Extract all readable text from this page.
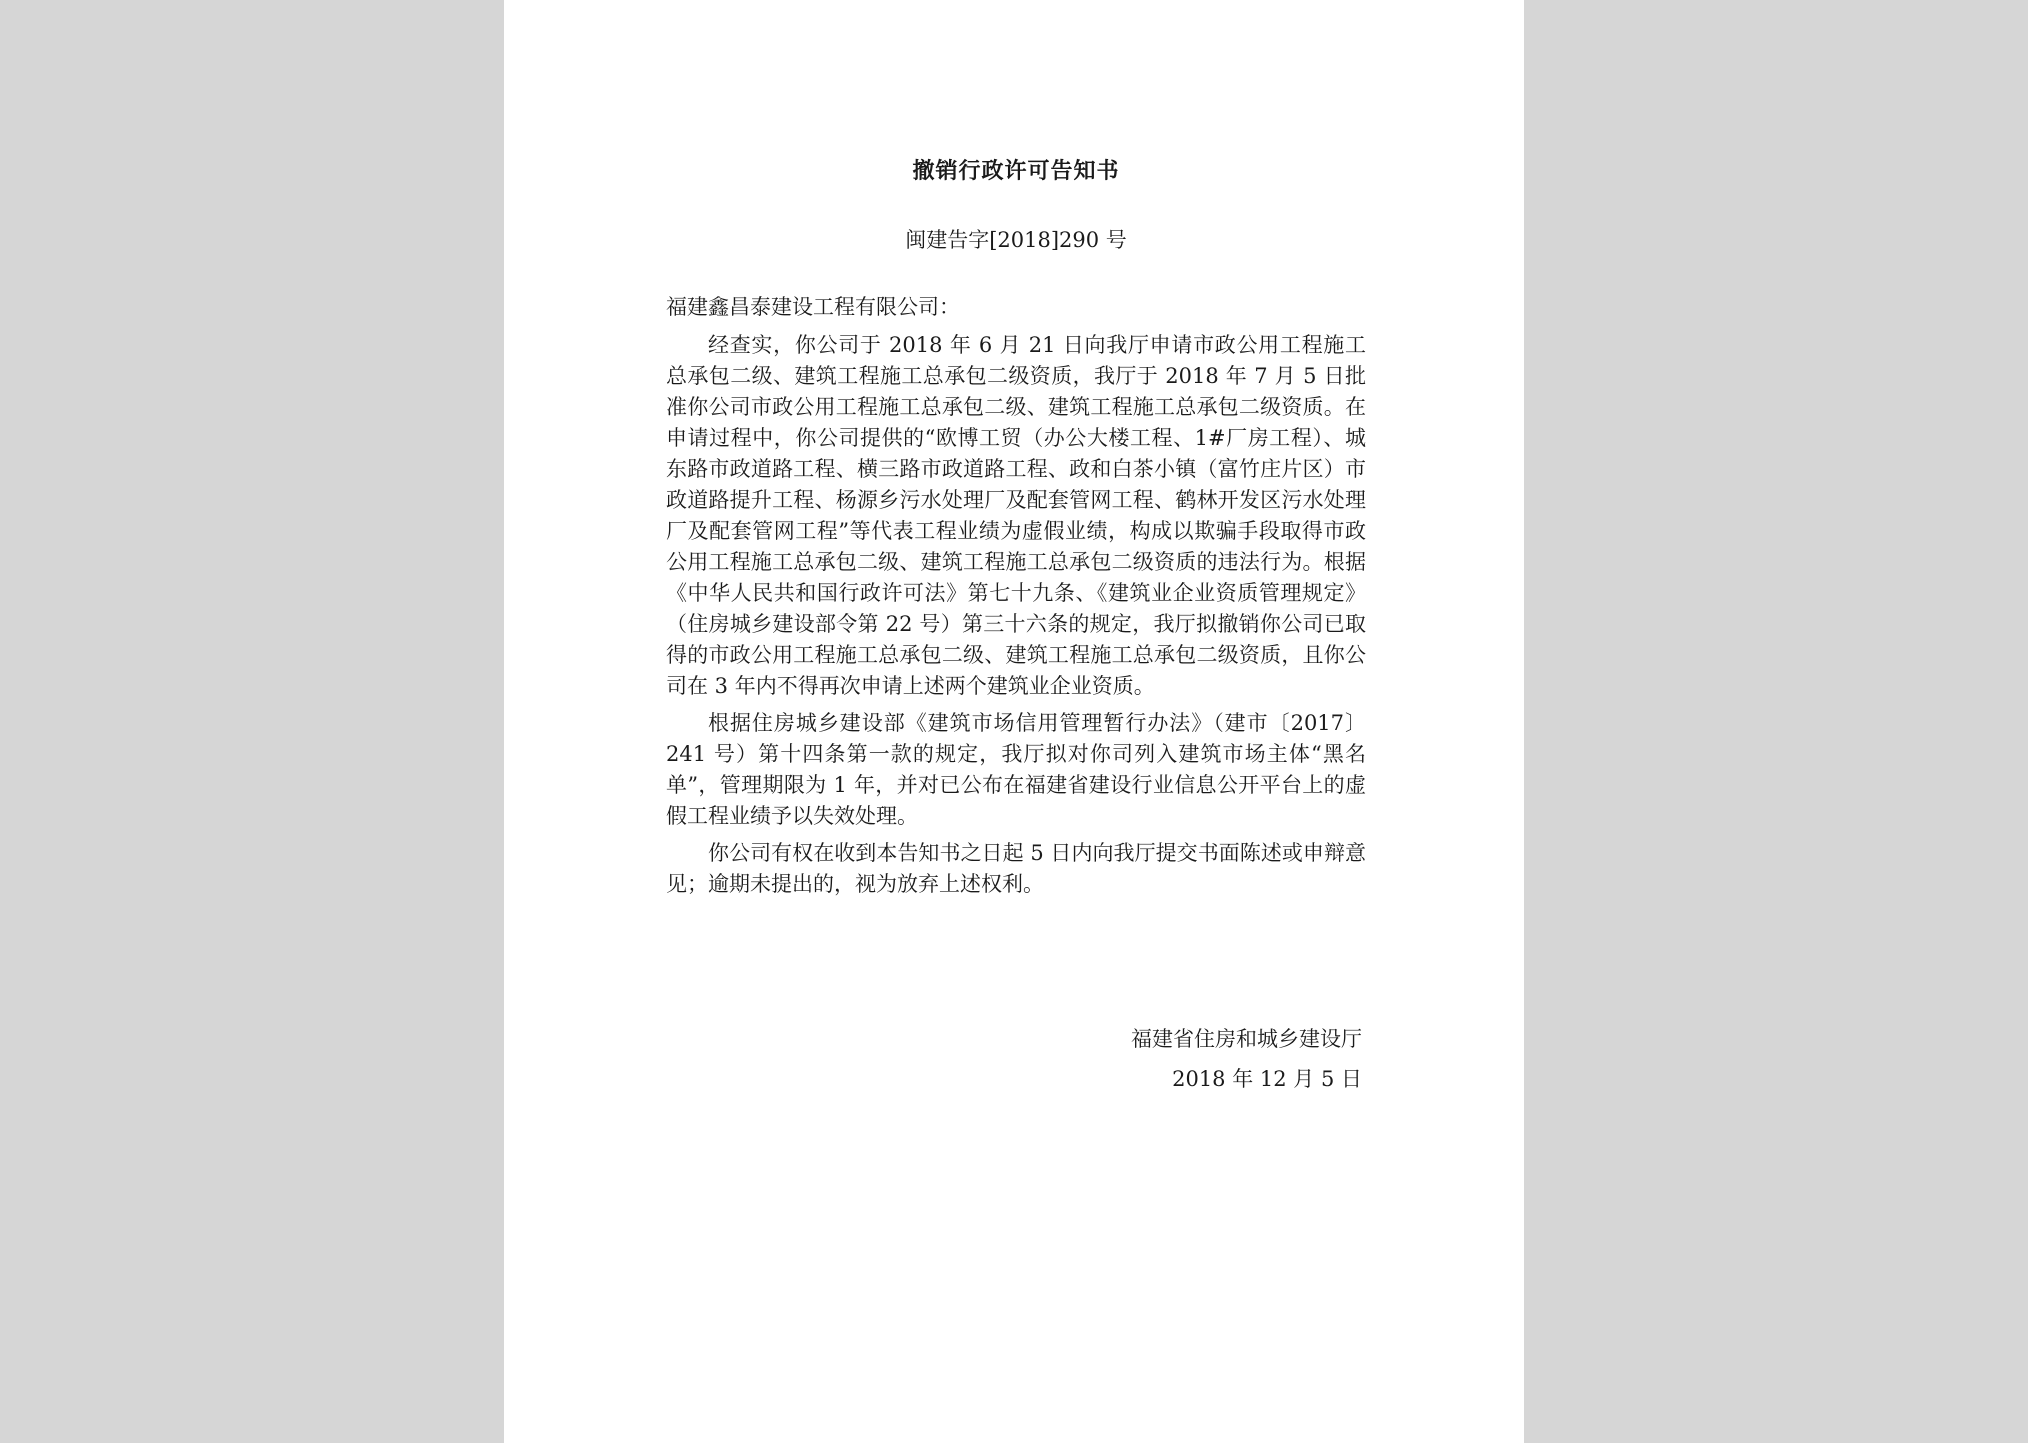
撤销行政许可告知书
闽建告字[2018]290 号
福建鑫昌泰建设工程有限公司：

经查实，你公司于 2018 年 6 月 21 日向我厅申请市政公用工程施工总承包二级、建筑工程施工总承包二级资质，我厅于 2018 年 7 月 5 日批准你公司市政公用工程施工总承包二级、建筑工程施工总承包二级资质。在申请过程中，你公司提供的“欧博工贸（办公大楼工程、1#厂房工程）、城东路市政道路工程、横三路市政道路工程、政和白茶小镇（富竹庄片区）市政道路提升工程、杨源乡污水处理厂及配套管网工程、鹤林开发区污水处理厂及配套管网工程”等代表工程业绩为虚假业绩，构成以欺骗手段取得市政公用工程施工总承包二级、建筑工程施工总承包二级资质的违法行为。根据《中华人民共和国行政许可法》第七十九条、《建筑业企业资质管理规定》（住房城乡建设部令第 22 号）第三十六条的规定，我厅拟撤销你公司已取得的市政公用工程施工总承包二级、建筑工程施工总承包二级资质，且你公司在 3 年内不得再次申请上述两个建筑业企业资质。

根据住房城乡建设部《建筑市场信用管理暂行办法》（建市〔2017〕241 号）第十四条第一款的规定，我厅拟对你司列入建筑市场主体“黑名单”，管理期限为 1 年，并对已公布在福建省建设行业信息公开平台上的虚假工程业绩予以失效处理。

你公司有权在收到本告知书之日起 5 日内向我厅提交书面陈述或申辩意见；逾期未提出的，视为放弃上述权利。

福建省住房和城乡建设厅
2018 年 12 月 5 日
